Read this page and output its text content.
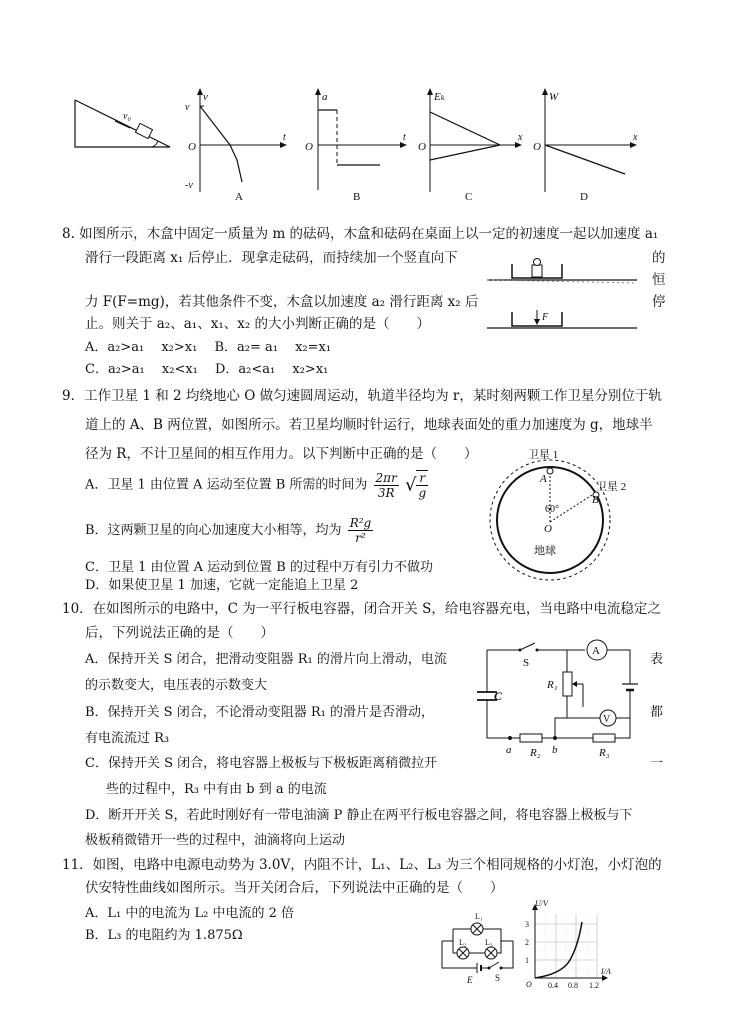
v₀
v
v
-v
O
t
A
a
O
t
B
Eₖ
O
x
C
W
O
x
D
8. 如图所示，木盒中固定一质量为 m 的砝码，木盒和砝码在桌面上以一定的初速度一起以加速度 a₁
滑行一段距离 x₁ 后停止．现拿走砝码，而持续加一个竖直向下	的
恒
力 F(F=mg)，若其他条件不变，木盒以加速度 a₂ 滑行距离 x₂ 后	停
止。则关于 a₂、a₁、x₁、x₂ 的大小判断正确的是（　　）
A．a₂>a₁　 x₂>x₁　 B．a₂= a₁　 x₂=x₁
C．a₂>a₁　 x₂<x₁　 D．a₂<a₁　 x₂>x₁
F
9．工作卫星 1 和 2 均绕地心 O 做匀速圆周运动，轨道半径均为 r，某时刻两颗工作卫星分别位于轨
道上的 A、B 两位置，如图所示。若卫星均顺时针运行，地球表面处的重力加速度为 g，地球半
径为 R，不计卫星间的相互作用力。以下判断中正确的是（　　）
A．卫星 1 由位置 A 运动至位置 B 所需的时间为 $\frac{2\pi r}{3R}$ √ $\frac{r}{g}$
B．这两颗卫星的向心加速度大小相等，均为 $\frac{\text{R²g}}{\text{r²}}$
C．卫星 1 由位置 A 运动到位置 B 的过程中万有引力不做功
D．如果使卫星 1 加速，它就一定能追上卫星 2
卫星 1
卫星 2
A
B
60°
O
地球
10．在如图所示的电路中，C 为一平行板电容器，闭合开关 S，给电容器充电，当电路中电流稳定之
后，下列说法正确的是（　　）
A．保持开关 S 闭合，把滑动变阻器 R₁ 的滑片向上滑动，电流	表
的示数变大，电压表的示数变大
B．保持开关 S 闭合，不论滑动变阻器 R₁ 的滑片是否滑动，	都
有电流流过 R₃
C．保持开关 S 闭合，将电容器上极板与下极板距离稍微拉开	一
些的过程中，R₃ 中有由 b 到 a 的电流
D．断开开关 S，若此时刚好有一带电油滴 P 静止在两平行板电容器之间，将电容器上极板与下
极板稍微错开一些的过程中，油滴将向上运动
A
V
S
R₁
R₂	R₃
C
a	b
11．如图，电路中电源电动势为 3.0V，内阻不计，L₁、L₂、L₃ 为三个相同规格的小灯泡，小灯泡的
伏安特性曲线如图所示。当开关闭合后，下列说法中正确的是（　　）
A．L₁ 中的电流为 L₂ 中电流的 2 倍
B．L₃ 的电阻约为 1.875Ω
L₁
L₂ L₃
E	S
U/V
1
2
3
O 0.4 0.8 1.2
I/A
